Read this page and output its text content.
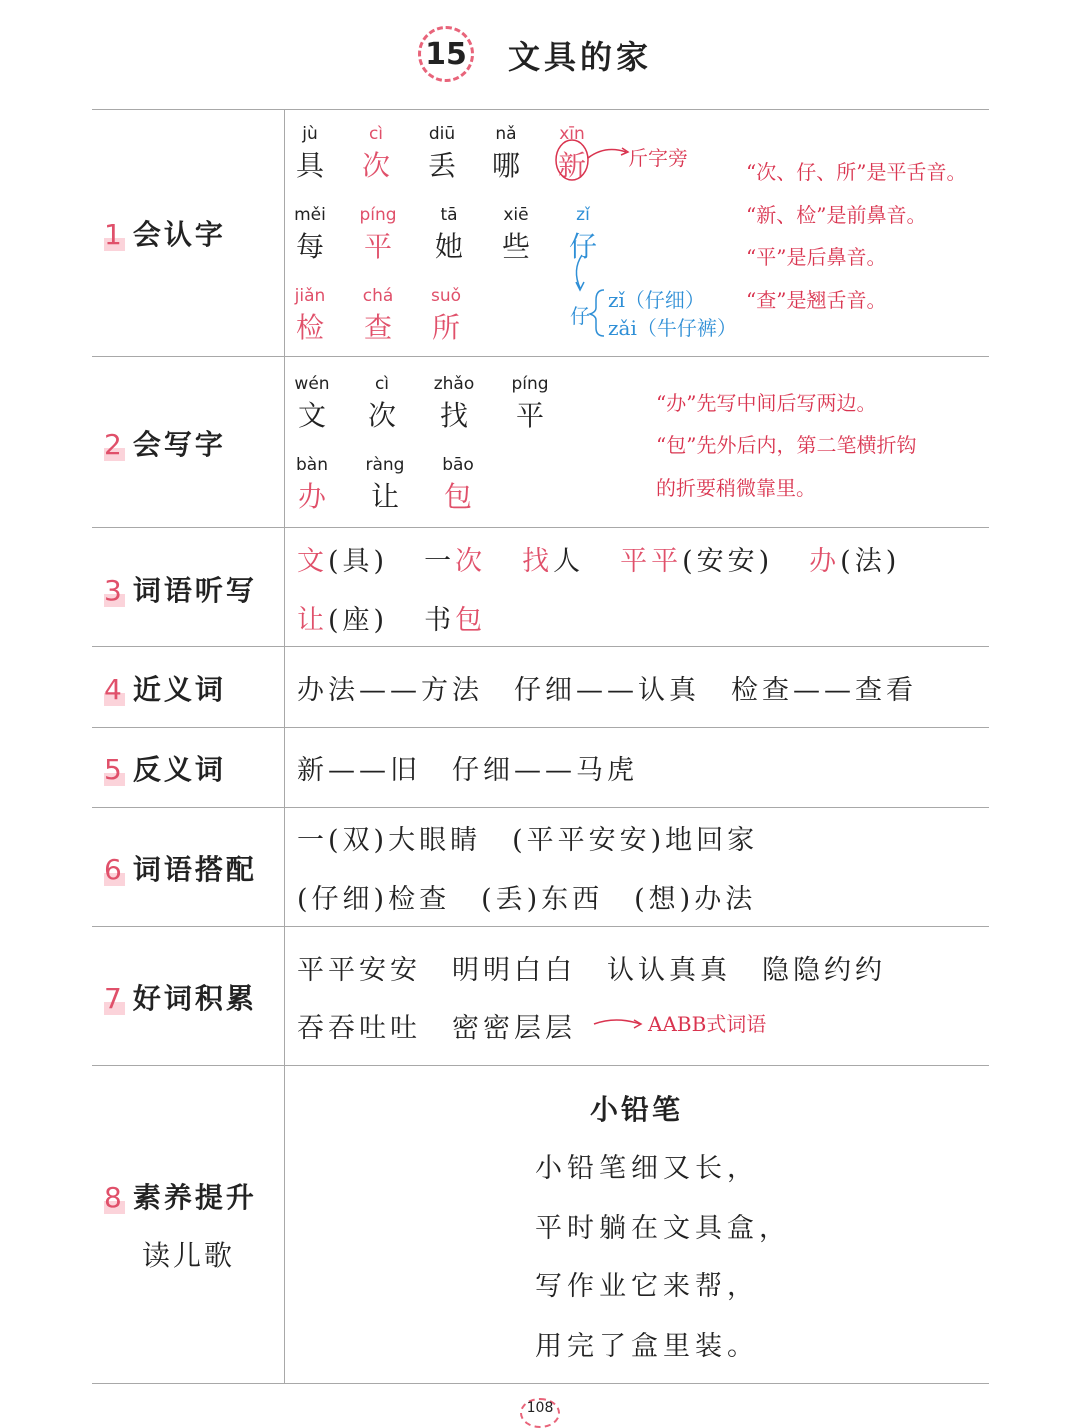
15 文具的家
1 会认字
2 会写字
3 词语听写
4 近义词
5 反义词
6 词语搭配
7 好词积累
8 素养提升
读儿歌
jù
具
cì
次
diū
丢
nǎ
哪
xīn
新
měi
每
píng
平
tā
她
xiē
些
zǐ
仔
jiǎn
检
chá
查
suǒ
所
斤字旁
仔
zǐ（仔细）
zǎi（牛仔裤）
“次、仔、所”是平舌音。
“新、检”是前鼻音。
“平”是后鼻音。
“查”是翘舌音。
wén
文
cì
次
zhǎo
找
píng
平
bàn
办
ràng
让
bāo
包
“办”先写中间后写两边。
“包”先外后内，第二笔横折钩
的折要稍微靠里。
文(具) 一次 找人 平平(安安) 办(法)
让(座) 书包
办法——方法　仔细——认真　检查——查看
新——旧　仔细——马虎
一(双)大眼睛　(平平安安)地回家
(仔细)检查　(丢)东西　(想)办法
平平安安　明明白白　认认真真　隐隐约约
吞吞吐吐　密密层层	AABB式词语
小铅笔
小铅笔细又长，
平时躺在文具盒，
写作业它来帮，
用完了盒里装。
108
